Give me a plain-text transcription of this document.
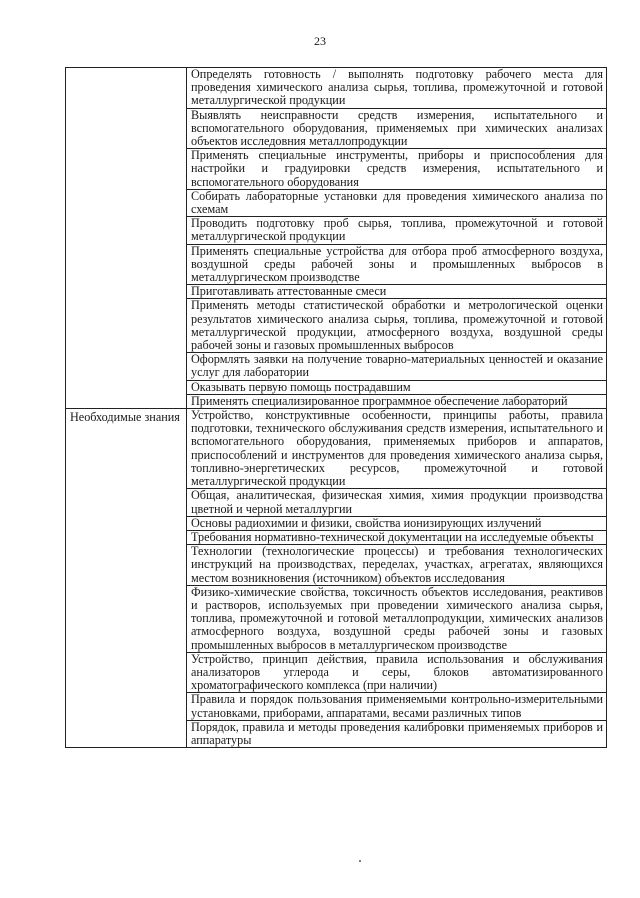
23

	Определять готовность / выполнять подготовку рабочего места для проведения химического анализа сырья, топлива, промежуточной и готовой металлургической продукции

	Выявлять неисправности средств измерения, испытательного и вспомогательного оборудования, применяемых при химических анализах объектов исследовния металлопродукции

	Применять специальные инструменты, приборы и приспособления для настройки и градуировки средств измерения, испытательного и вспомогательного оборудования

	Собирать лабораторные установки для проведения химического анализа по схемам

	Проводить подготовку проб сырья, топлива, промежуточной и готовой металлургической продукции

	Применять специальные устройства для отбора проб атмосферного воздуха, воздушной среды рабочей зоны и промышленных выбросов в металлургическом производстве

	Приготавливать аттестованные смеси

	Применять методы статистической обработки и метрологической оценки результатов химического анализа сырья, топлива, промежуточной и готовой металлургической продукции, атмосферного воздуха, воздушной среды рабочей зоны и газовых промышленных выбросов

	Оформлять заявки на получение товарно-материальных ценностей и оказание услуг для лаборатории

	Оказывать первую помощь пострадавшим

	Применять специализированное программное обеспечение лабораторий

Необходимые знания	Устройство, конструктивные особенности, принципы работы, правила подготовки, технического обслуживания средств измерения, испытательного и вспомогательного оборудования, применяемых приборов и аппаратов, приспособлений и инструментов для проведения химического анализа сырья, топливно-энергетических ресурсов, промежуточной и готовой металлургической продукции

	Общая, аналитическая, физическая химия, химия продукции производства цветной и черной металлургии

	Основы радиохимии и физики, свойства ионизирующих излучений

	Требования нормативно-технической документации на исследуемые объекты

	Технологии (технологические процессы) и требования технологических инструкций на производствах, переделах, участках, агрегатах, являющихся местом возникновения (источником) объектов исследования

	Физико-химические свойства, токсичность объектов исследования, реактивов и растворов, используемых при проведении химического анализа сырья, топлива, промежуточной и готовой металлопродукции, химических анализов атмосферного воздуха, воздушной среды рабочей зоны и газовых промышленных выбросов в металлургическом производстве

	Устройство, принцип действия, правила использования и обслуживания анализаторов углерода и серы, блоков автоматизированного хроматографического комплекса (при наличии)

	Правила и порядок пользования применяемыми контрольно-измерительными установками, приборами, аппаратами, весами различных типов

	Порядок, правила и методы проведения калибровки применяемых приборов и аппаратуры
